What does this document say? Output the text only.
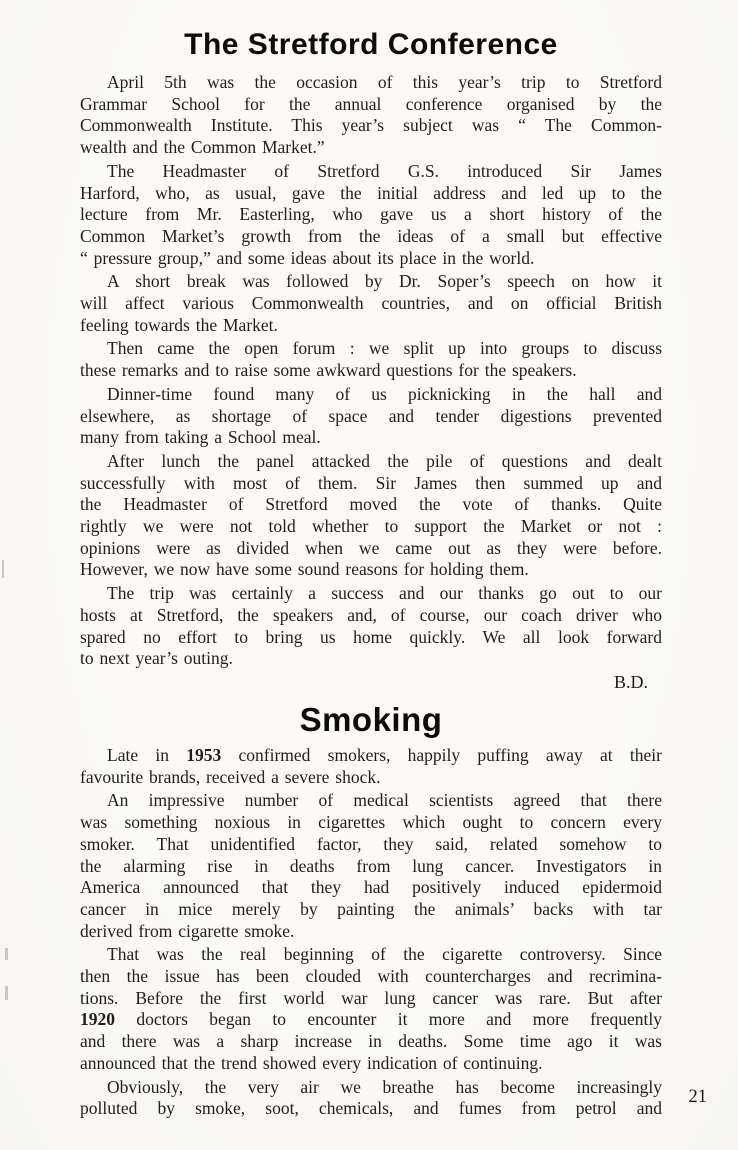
The Stretford Conference

April 5th was the occasion of this year’s trip to Stretford
Grammar School for the annual conference organised by the
Commonwealth Institute. This year’s subject was “ The Common-
wealth and the Common Market.”

The Headmaster of Stretford G.S. introduced Sir James
Harford, who, as usual, gave the initial address and led up to the
lecture from Mr. Easterling, who gave us a short history of the
Common Market’s growth from the ideas of a small but effective
“ pressure group,” and some ideas about its place in the world.

A short break was followed by Dr. Soper’s speech on how it
will affect various Commonwealth countries, and on official British
feeling towards the Market.

Then came the open forum : we split up into groups to discuss
these remarks and to raise some awkward questions for the speakers.

Dinner-time found many of us picknicking in the hall and
elsewhere, as shortage of space and tender digestions prevented
many from taking a School meal.

After lunch the panel attacked the pile of questions and dealt
successfully with most of them. Sir James then summed up and
the Headmaster of Stretford moved the vote of thanks. Quite
rightly we were not told whether to support the Market or not :
opinions were as divided when we came out as they were before.
However, we now have some sound reasons for holding them.

The trip was certainly a success and our thanks go out to our
hosts at Stretford, the speakers and, of course, our coach driver who
spared no effort to bring us home quickly. We all look forward
to next year’s outing.

B.D.

Smoking

Late in 1953 confirmed smokers, happily puffing away at their
favourite brands, received a severe shock.

An impressive number of medical scientists agreed that there
was something noxious in cigarettes which ought to concern every
smoker. That unidentified factor, they said, related somehow to
the alarming rise in deaths from lung cancer. Investigators in
America announced that they had positively induced epidermoid
cancer in mice merely by painting the animals’ backs with tar
derived from cigarette smoke.

That was the real beginning of the cigarette controversy. Since
then the issue has been clouded with countercharges and recrimina-
tions. Before the first world war lung cancer was rare. But after
1920 doctors began to encounter it more and more frequently
and there was a sharp increase in deaths. Some time ago it was
announced that the trend showed every indication of continuing.

Obviously, the very air we breathe has become increasingly
polluted by smoke, soot, chemicals, and fumes from petrol and

21
